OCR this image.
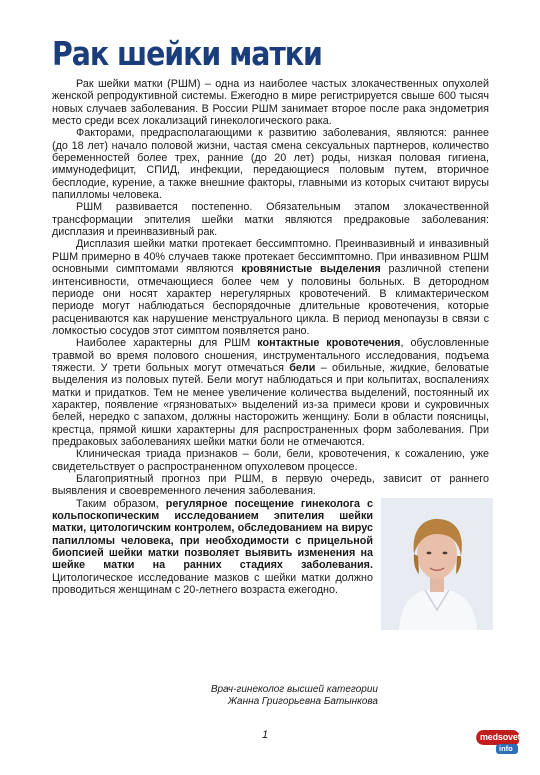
Рак шейки матки

Рак шейки матки (РШМ) – одна из наиболее частых злокачественных опухолей женской репродуктивной системы. Ежегодно в мире регистрируется свыше 600 тысяч новых случаев заболевания. В России РШМ занимает второе после рака эндометрия место среди всех локализаций гинекологического рака.

Факторами, предрасполагающими к развитию заболевания, являются: раннее (до 18 лет) начало половой жизни, частая смена сексуальных партнеров, количество беременностей более трех, ранние (до 20 лет) роды, низкая половая гигиена, иммунодефицит, СПИД, инфекции, передающиеся половым путем, вторичное бесплодие, курение, а также внешние факторы, главными из которых считают вирусы папилломы человека.

РШМ развивается постепенно. Обязательным этапом злокачественной трансформации эпителия шейки матки являются предраковые заболевания: дисплазия и преинвазивный рак.

Дисплазия шейки матки протекает бессимптомно. Преинвазивный и инвазивный РШМ примерно в 40% случаев также протекает бессимптомно. При инвазивном РШМ основными симптомами являются кровянистые выделения различной степени интенсивности, отмечающиеся более чем у половины больных. В детородном периоде они носят характер нерегулярных кровотечений. В климактерическом периоде могут наблюдаться беспорядочные длительные кровотечения, которые расцениваются как нарушение менструального цикла. В период менопаузы в связи с ломкостью сосудов этот симптом появляется рано.

Наиболее характерны для РШМ контактные кровотечения, обусловленные травмой во время полового сношения, инструментального исследования, подъема тяжести. У трети больных могут отмечаться бели – обильные, жидкие, беловатые выделения из половых путей. Бели могут наблюдаться и при кольпитах, воспалениях матки и придатков. Тем не менее увеличение количества выделений, постоянный их характер, появление «грязноватых» выделений из-за примеси крови и сукровичных белей, нередко с запахом, должны насторожить женщину. Боли в области поясницы, крестца, прямой кишки характерны для распространенных форм заболевания. При предраковых заболеваниях шейки матки боли не отмечаются.

Клиническая триада признаков – боли, бели, кровотечения, к сожалению, уже свидетельствует о распространенном опухолевом процессе.

Благоприятный прогноз при РШМ, в первую очередь, зависит от раннего выявления и своевременного лечения заболевания.

Таким образом, регулярное посещение гинеколога с кольпоскопическим исследованием эпителия шейки матки, цитологичским контролем, обследованием на вирус папилломы человека, при необходимости с прицельной биопсией шейки матки позволяет выявить изменения на шейке матки на ранних стадиях заболевания. Цитологическое исследование мазков с шейки матки должно проводиться женщинам с 20-летнего возраста ежегодно.

Врач-гинеколог высшей категории
Жанна Григорьевна Батынкова
1	medsovet
info
